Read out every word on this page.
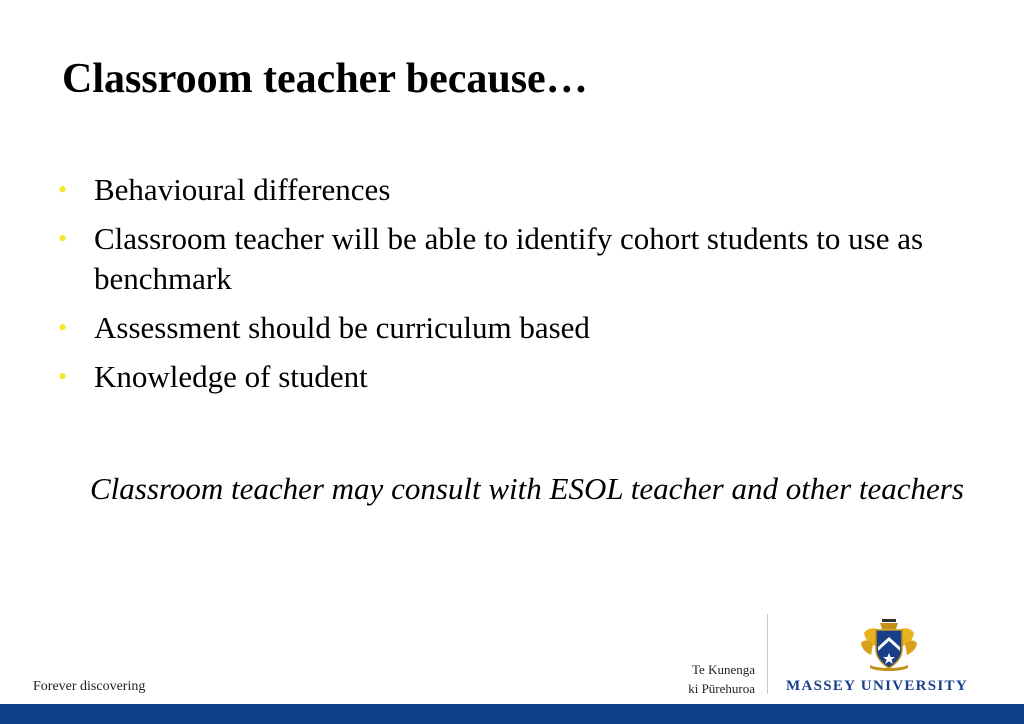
Classroom teacher because…
• Behavioural differences
• Classroom teacher will be able to identify cohort students to use as benchmark
• Assessment should be curriculum based
• Knowledge of student
Classroom teacher may consult with ESOL teacher and other teachers
Forever discovering
Te Kunenga
ki Pūrehuroa MASSEY UNIVERSITY
